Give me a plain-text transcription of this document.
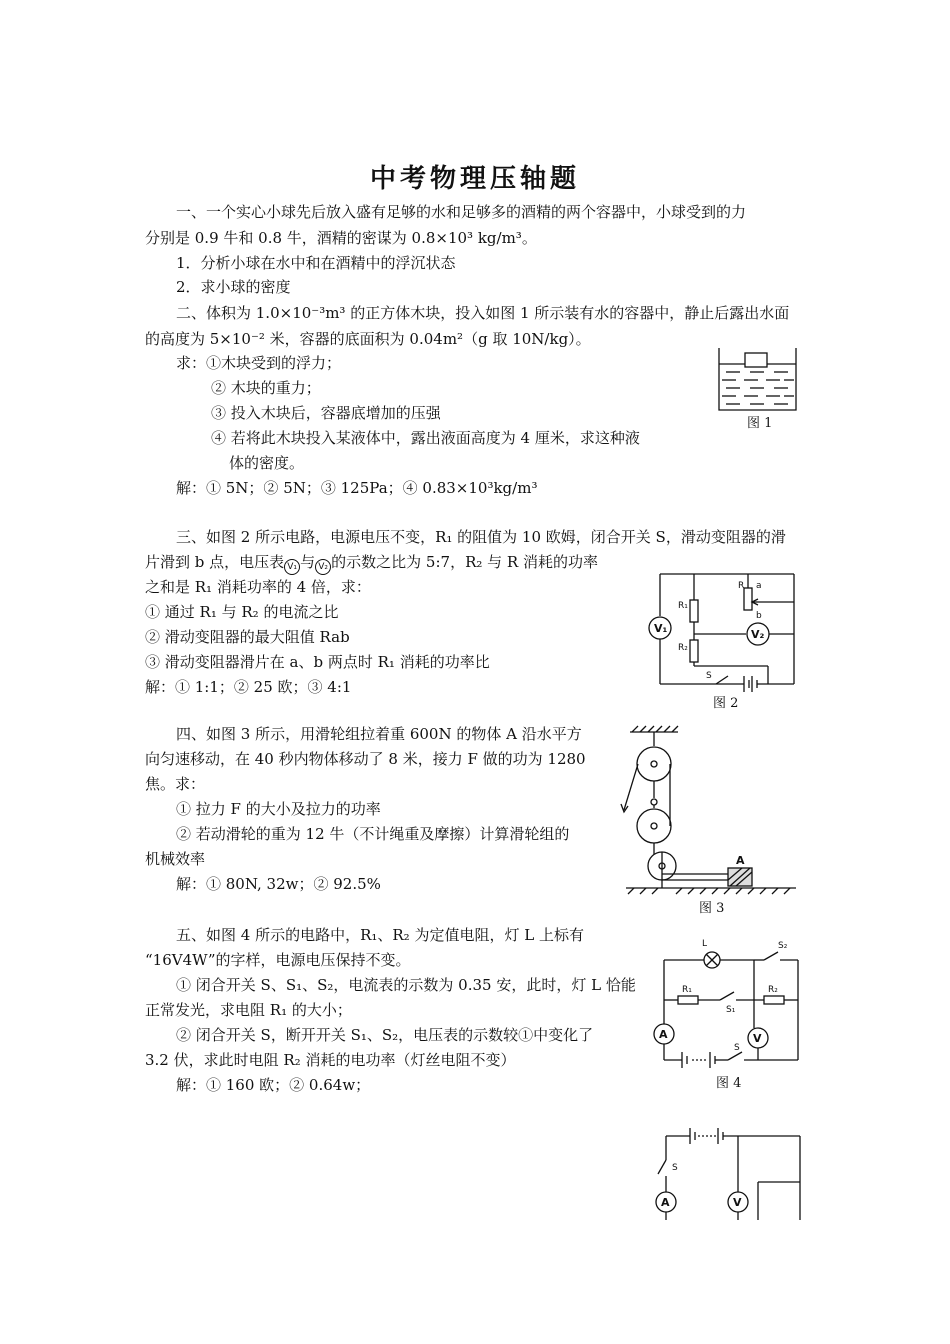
中考物理压轴题
一、一个实心小球先后放入盛有足够的水和足够多的酒精的两个容器中，小球受到的力
分别是 0.9 牛和 0.8 牛，酒精的密谋为 0.8×10³ kg/m³。
1．分析小球在水中和在酒精中的浮沉状态
2．求小球的密度
二、体积为 1.0×10⁻³m³ 的正方体木块，投入如图 1 所示装有水的容器中，静止后露出水面
的高度为 5×10⁻² 米，容器的底面积为 0.04m²（g 取 10N/kg）。
求：①木块受到的浮力；
② 木块的重力；
③ 投入木块后，容器底增加的压强
④ 若将此木块投入某液体中，露出液面高度为 4 厘米，求这种液
体的密度。
解：① 5N；② 5N；③ 125Pa；④ 0.83×10³kg/m³
图 1
三、如图 2 所示电路，电源电压不变，R₁ 的阻值为 10 欧姆，闭合开关 S，滑动变阻器的滑
片滑到 b 点，电压表 V₁ 与 V₂ 的示数之比为 5:7，R₂ 与 R 消耗的功率
之和是 R₁ 消耗功率的 4 倍，求：
① 通过 R₁ 与 R₂ 的电流之比
② 滑动变阻器的最大阻值 Rab
③ 滑动变阻器滑片在 a、b 两点时 R₁ 消耗的功率比
解：① 1:1；② 25 欧；③ 4:1
V₁
R₁
R₂
R a
b
V₂
S
图 2
四、如图 3 所示，用滑轮组拉着重 600N 的物体 A 沿水平方
向匀速移动，在 40 秒内物体移动了 8 米，接力 F 做的功为 1280
焦。求：
① 拉力 F 的大小及拉力的功率
② 若动滑轮的重为 12 牛（不计绳重及摩擦）计算滑轮组的
机械效率
解：① 80N, 32w；② 92.5%
A
图 3
五、如图 4 所示的电路中，R₁、R₂ 为定值电阻，灯 L 上标有
“16V4W”的字样，电源电压保持不变。
① 闭合开关 S、S₁、S₂，电流表的示数为 0.35 安，此时，灯 L 恰能
正常发光，求电阻 R₁ 的大小；
② 闭合开关 S，断开开关 S₁、S₂，电压表的示数较①中变化了
3.2 伏，求此时电阻 R₂ 消耗的电功率（灯丝电阻不变）
解：① 160 欧；② 0.64w；
L	S₂
R₁
S₁
R₂
A	V
S
图 4
S
A	V
